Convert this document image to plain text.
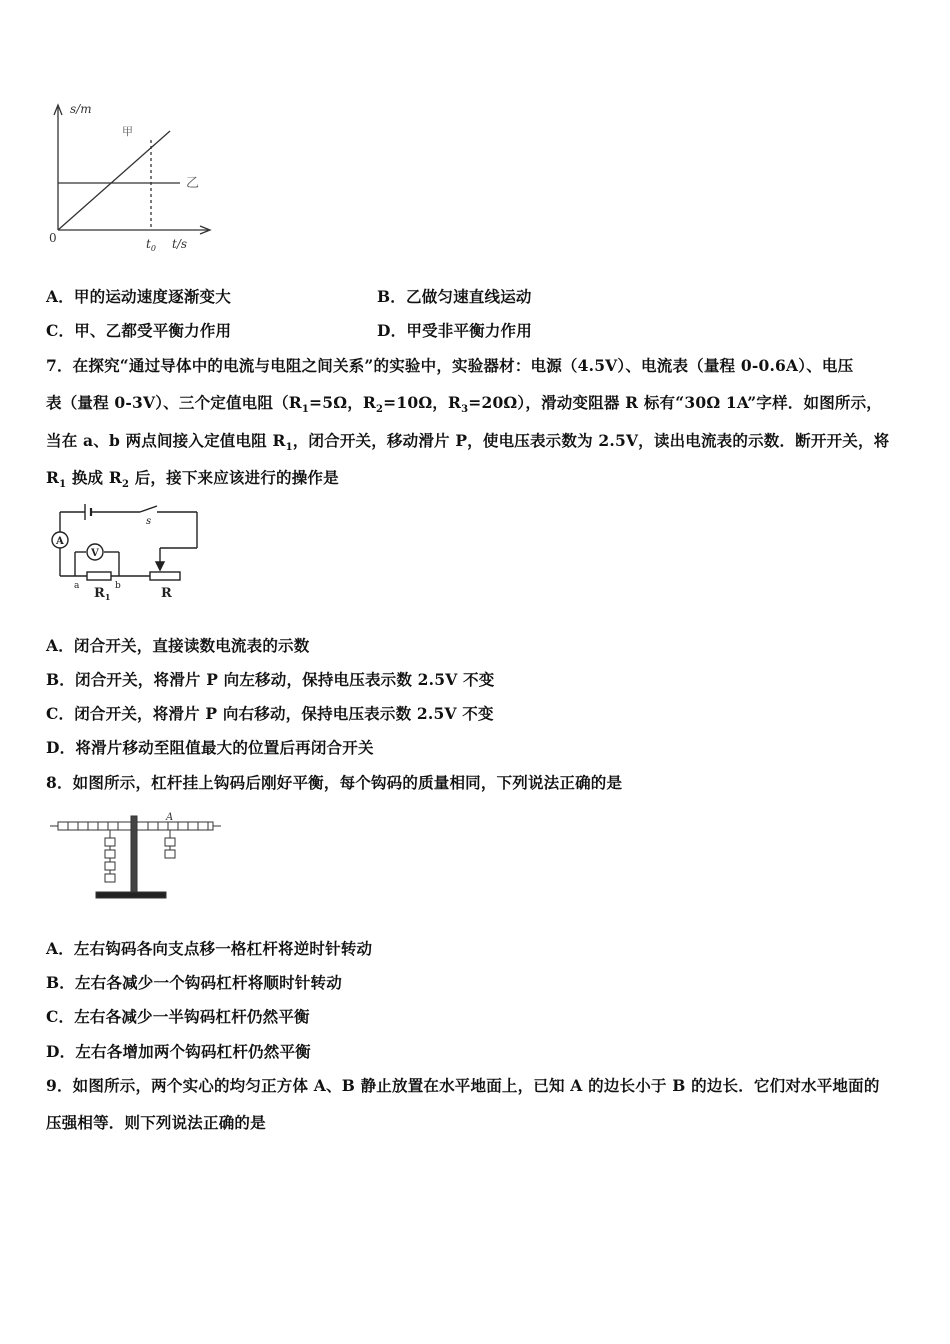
s/m
t/s
0	$t_0$
甲
乙
A．甲的运动速度逐渐变大	B．乙做匀速直线运动
C．甲、乙都受平衡力作用	D．甲受非平衡力作用
7．在探究“通过导体中的电流与电阻之间关系”的实验中，实验器材：电源（4.5V）、电流表（量程 0-0.6A）、电压
表（量程 0-3V）、三个定值电阻（$R_1=5\Omega$，$R_2=10\Omega$，$R_3=20\Omega$），滑动变阻器 R 标有“30Ω 1A”字样．如图所示，
当在 a、b 两点间接入定值电阻 $R_1$，闭合开关，移动滑片 P，使电压表示数为 2.5V，读出电流表的示数．断开开关，将
$R_1$ 换成 $R_2$ 后，接下来应该进行的操作是
A
V
s
a	b
$R_1$	R
A．闭合开关，直接读数电流表的示数
B．闭合开关，将滑片 P 向左移动，保持电压表示数 2.5V 不变
C．闭合开关，将滑片 P 向右移动，保持电压表示数 2.5V 不变
D．将滑片移动至阻值最大的位置后再闭合开关
8．如图所示，杠杆挂上钩码后刚好平衡，每个钩码的质量相同，下列说法正确的是
A
A．左右钩码各向支点移一格杠杆将逆时针转动
B．左右各减少一个钩码杠杆将顺时针转动
C．左右各减少一半钩码杠杆仍然平衡
D．左右各增加两个钩码杠杆仍然平衡
9．如图所示，两个实心的均匀正方体 A、B 静止放置在水平地面上，已知 A 的边长小于 B 的边长．它们对水平地面的
压强相等．则下列说法正确的是
